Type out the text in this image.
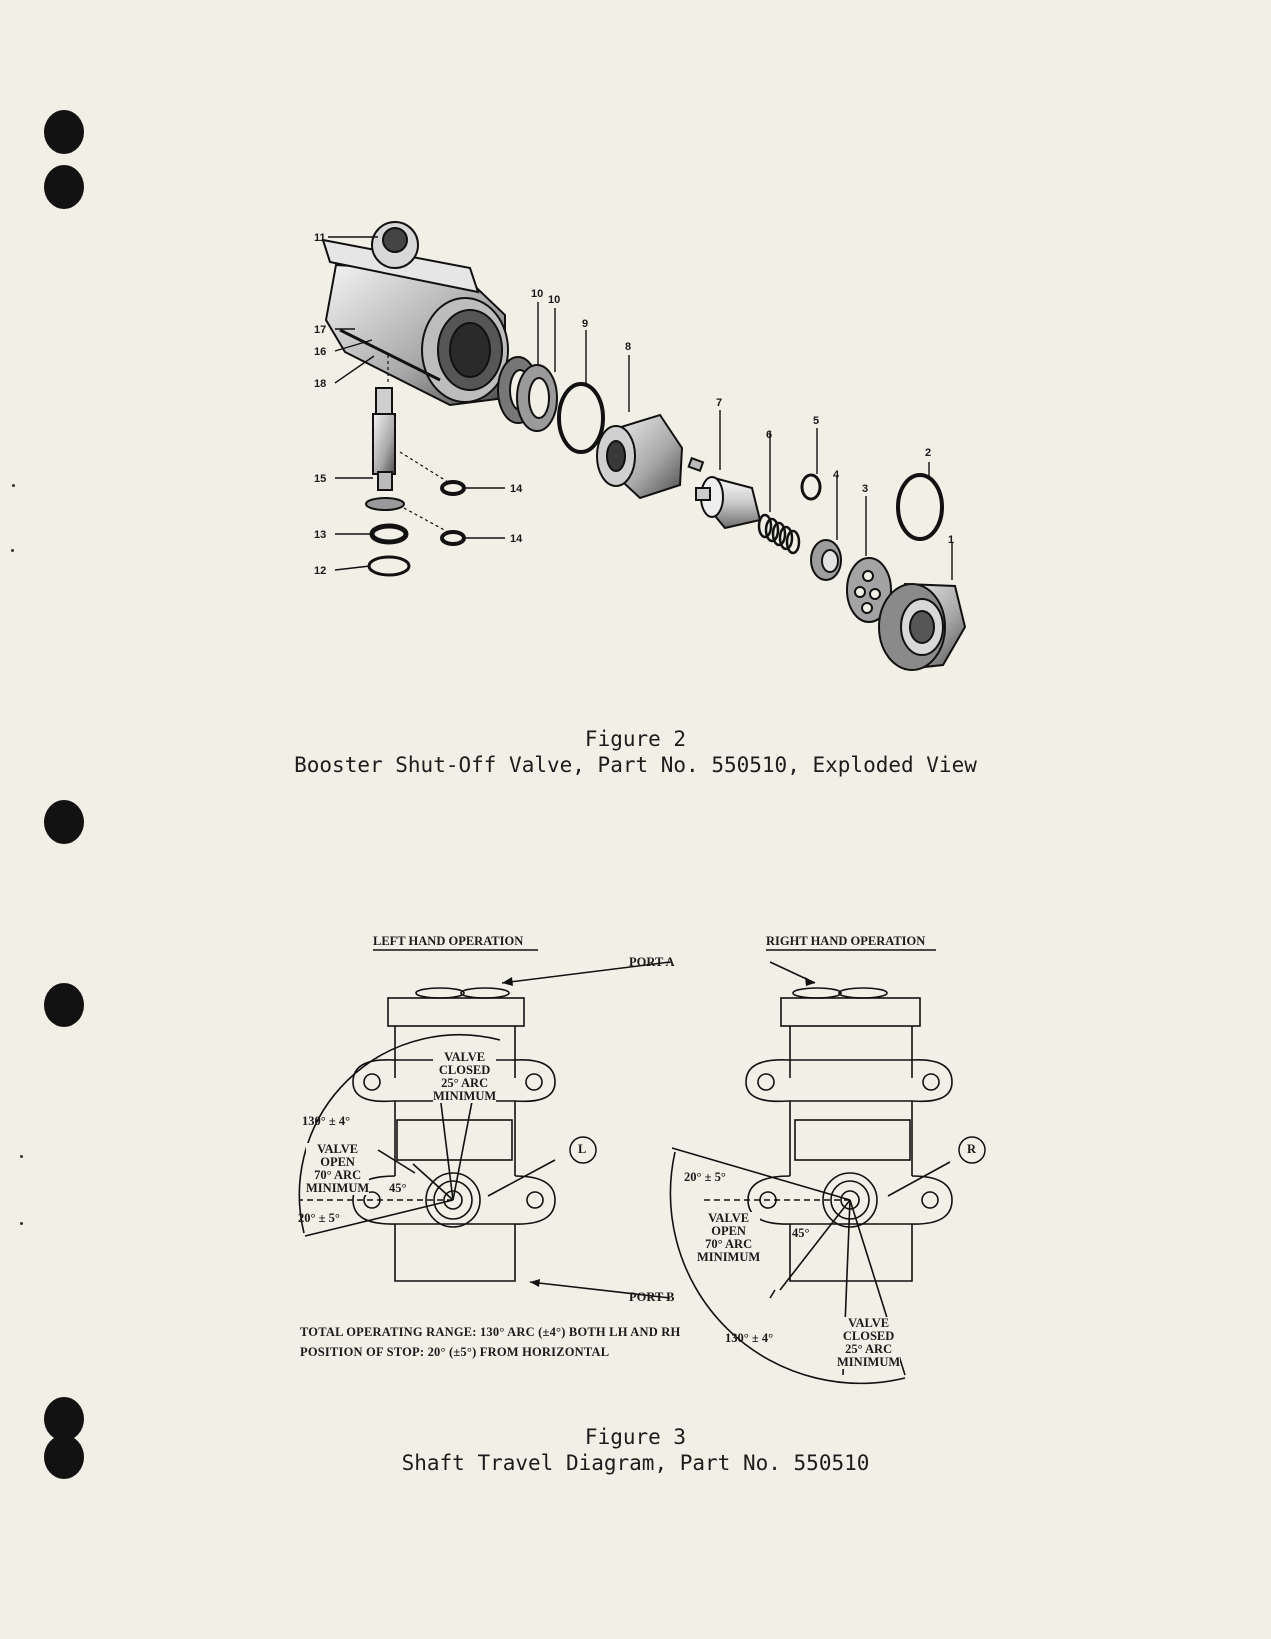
1
2
3
4
5
6
7
8
9
10 10
11
12
13
14
14
15
16
17
18
Figure 2
Booster Shut-Off Valve, Part No. 550510, Exploded View
LEFT HAND OPERATION	RIGHT HAND OPERATION
PORT A
PORT B
L	R
VALVE
CLOSED
25° ARC
MINIMUM
130° ± 4°
VALVE
OPEN
70° ARC
MINIMUM 45°
20° ± 5°
20° ± 5°
VALVE
OPEN
70° ARC
MINIMUM
45°
130° ± 4°
VALVE
CLOSED
25° ARC
MINIMUM
TOTAL OPERATING RANGE: 130° ARC (±4°) BOTH LH AND RH
POSITION OF STOP: 20° (±5°) FROM HORIZONTAL
Figure 3
Shaft Travel Diagram, Part No. 550510
